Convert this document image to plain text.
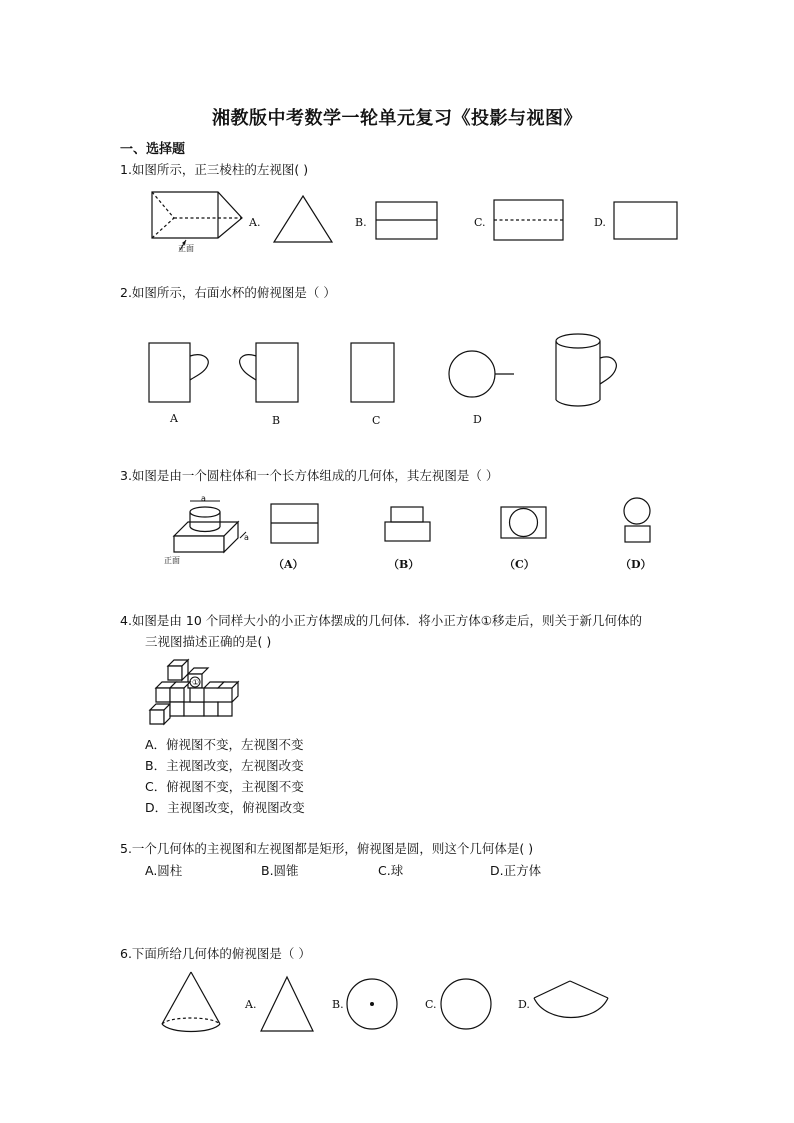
湘教版中考数学一轮单元复习《投影与视图》
一、选择题
1.如图所示，正三棱柱的左视图( )
正面
A.	B.	C.	D.
2.如图所示，右面水杯的俯视图是（ ）
A	B	C	D
3.如图是由一个圆柱体和一个长方体组成的几何体，其左视图是（ ）
a
a
正面	（A）	（B）	（C）	（D）
4.如图是由 10 个同样大小的小正方体摆成的几何体．将小正方体①移走后，则关于新几何体的
三视图描述正确的是( )
①
A．俯视图不变，左视图不变
B．主视图改变，左视图改变
C．俯视图不变，主视图不变
D．主视图改变，俯视图改变
5.一个几何体的主视图和左视图都是矩形，俯视图是圆，则这个几何体是( )
A.圆柱	B.圆锥	C.球	D.正方体
6.下面所给几何体的俯视图是（ ）
A.	B.	C.	D.
